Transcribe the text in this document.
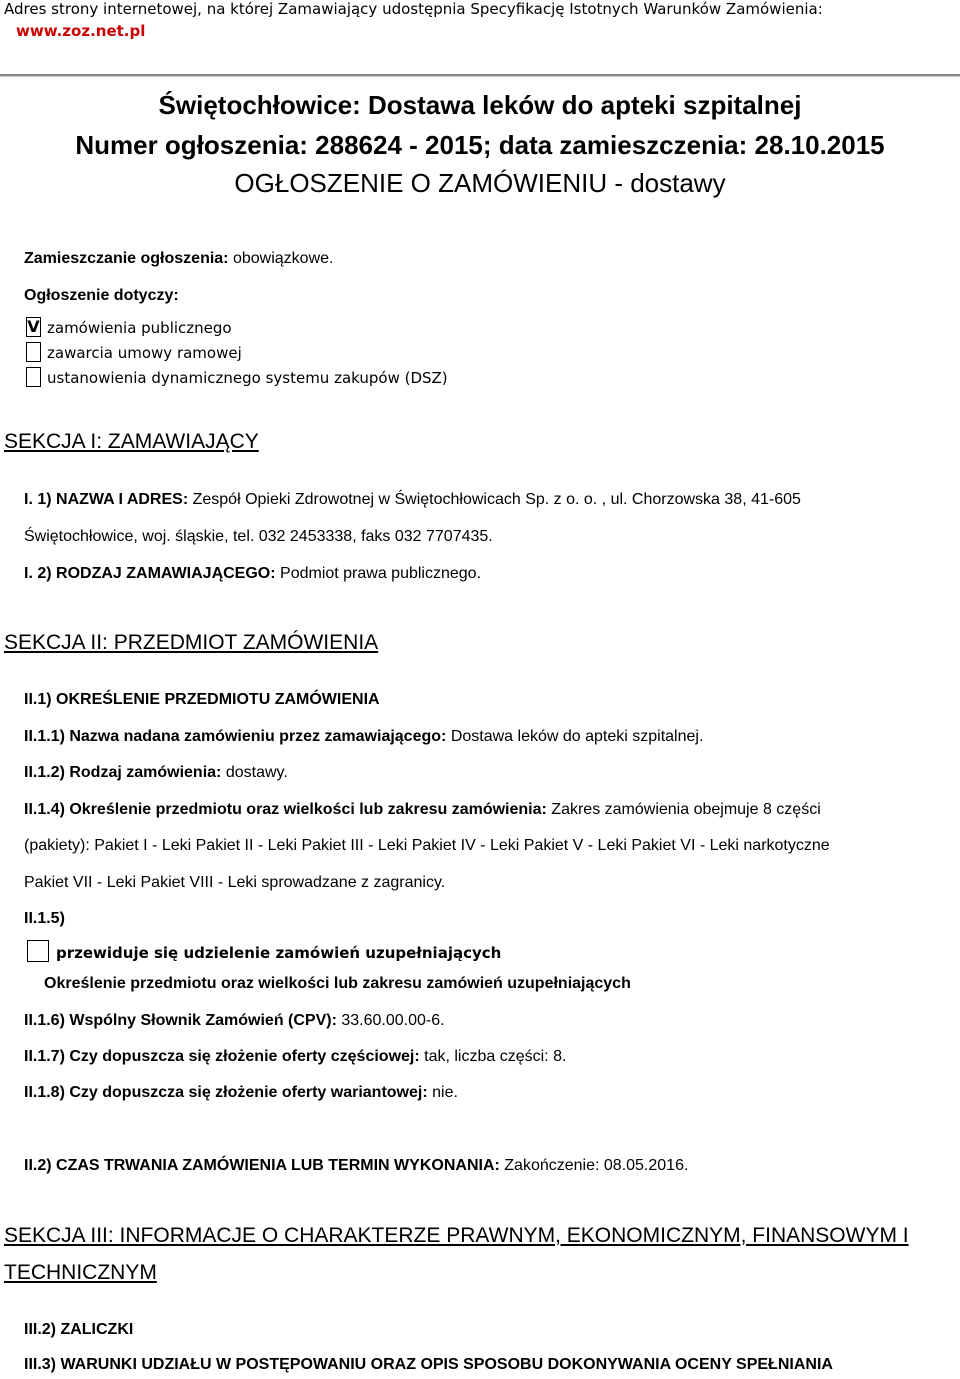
Adres strony internetowej, na której Zamawiający udostępnia Specyfikację Istotnych Warunków Zamówienia:
www.zoz.net.pl
Świętochłowice: Dostawa leków do apteki szpitalnej
Numer ogłoszenia: 288624 - 2015; data zamieszczenia: 28.10.2015
OGŁOSZENIE O ZAMÓWIENIU - dostawy
Zamieszczanie ogłoszenia: obowiązkowe.
Ogłoszenie dotyczy:
V zamówienia publicznego
zawarcia umowy ramowej
ustanowienia dynamicznego systemu zakupów (DSZ)
SEKCJA I: ZAMAWIAJĄCY
I. 1) NAZWA I ADRES: Zespół Opieki Zdrowotnej w Świętochłowicach Sp. z o. o. , ul. Chorzowska 38, 41-605
Świętochłowice, woj. śląskie, tel. 032 2453338, faks 032 7707435.
I. 2) RODZAJ ZAMAWIAJĄCEGO: Podmiot prawa publicznego.
SEKCJA II: PRZEDMIOT ZAMÓWIENIA
II.1) OKREŚLENIE PRZEDMIOTU ZAMÓWIENIA
II.1.1) Nazwa nadana zamówieniu przez zamawiającego: Dostawa leków do apteki szpitalnej.
II.1.2) Rodzaj zamówienia: dostawy.
II.1.4) Określenie przedmiotu oraz wielkości lub zakresu zamówienia: Zakres zamówienia obejmuje 8 części
(pakiety): Pakiet I - Leki Pakiet II - Leki Pakiet III - Leki Pakiet IV - Leki Pakiet V - Leki Pakiet VI - Leki narkotyczne
Pakiet VII - Leki Pakiet VIII - Leki sprowadzane z zagranicy.
II.1.5)
przewiduje się udzielenie zamówień uzupełniających
Określenie przedmiotu oraz wielkości lub zakresu zamówień uzupełniających
II.1.6) Wspólny Słownik Zamówień (CPV): 33.60.00.00-6.
II.1.7) Czy dopuszcza się złożenie oferty częściowej: tak, liczba części: 8.
II.1.8) Czy dopuszcza się złożenie oferty wariantowej: nie.
II.2) CZAS TRWANIA ZAMÓWIENIA LUB TERMIN WYKONANIA: Zakończenie: 08.05.2016.
SEKCJA III: INFORMACJE O CHARAKTERZE PRAWNYM, EKONOMICZNYM, FINANSOWYM I
TECHNICZNYM
III.2) ZALICZKI
III.3) WARUNKI UDZIAŁU W POSTĘPOWANIU ORAZ OPIS SPOSOBU DOKONYWANIA OCENY SPEŁNIANIA
